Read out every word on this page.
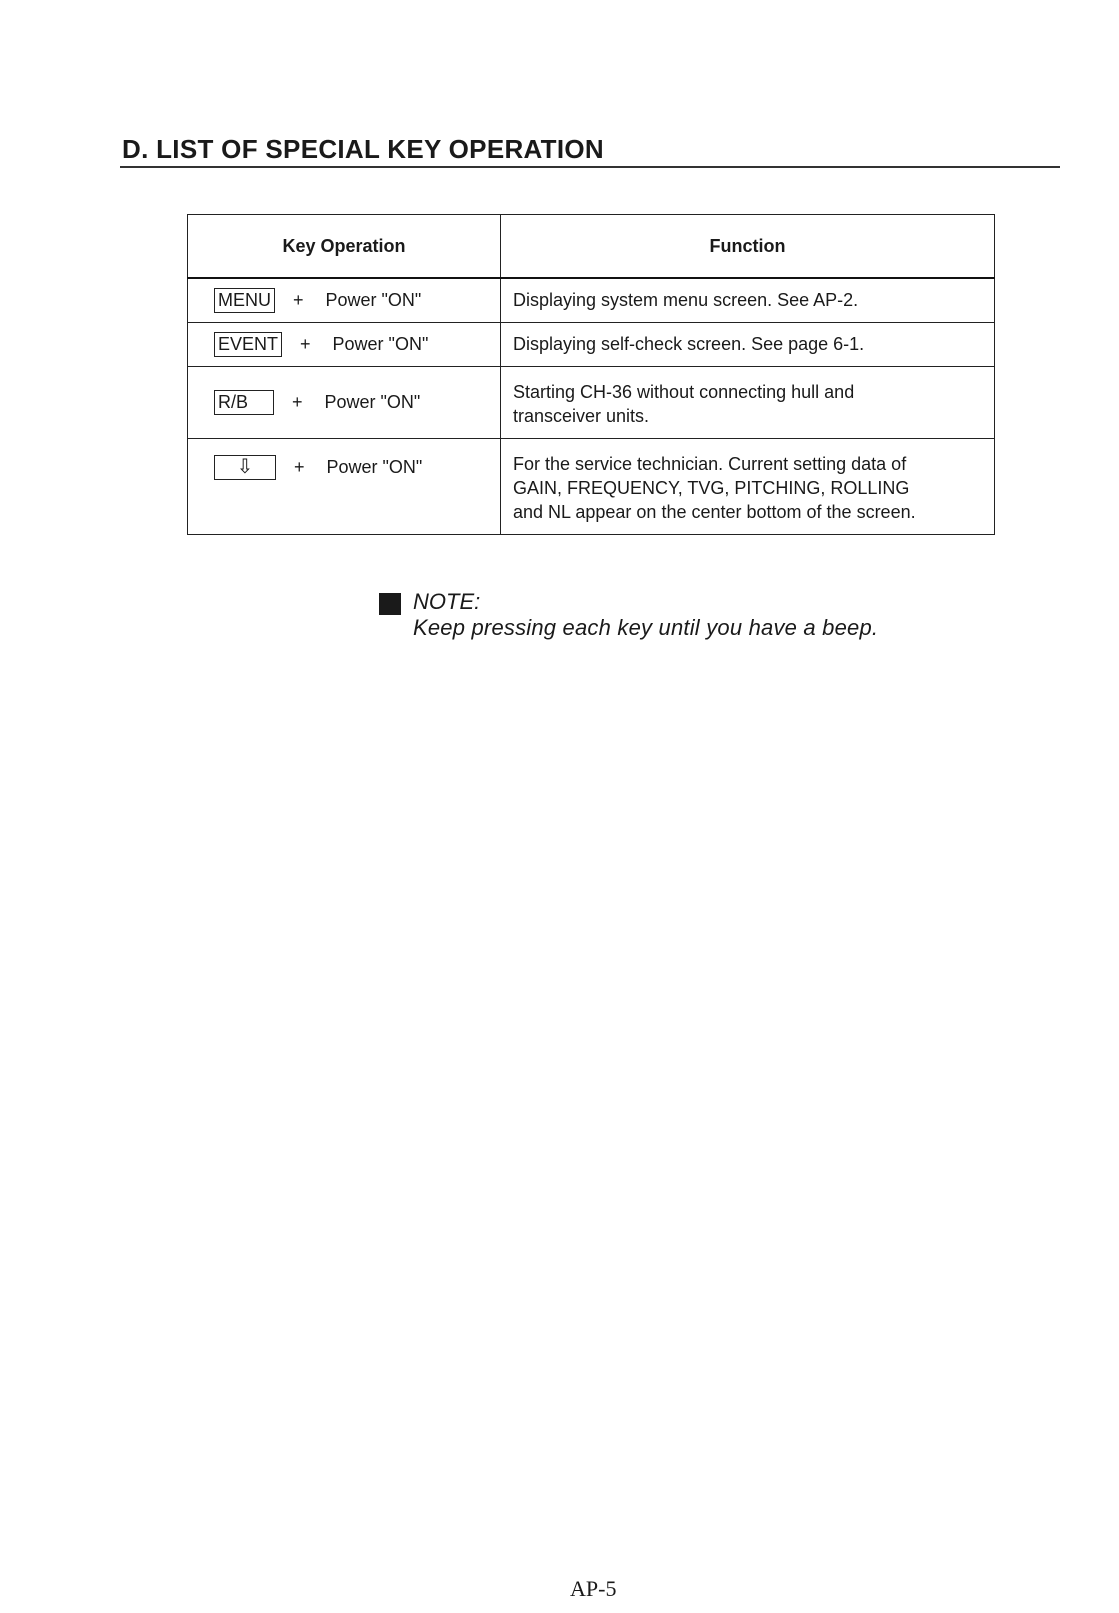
D. LIST OF SPECIAL KEY OPERATION
Key Operation	Function
MENU + Power "ON"	Displaying system menu screen. See AP-2.

EVENT + Power "ON"	Displaying self-check screen. See page 6-1.

R/B + Power "ON"	Starting CH-36 without connecting hull and
transceiver units.

⇩ + Power "ON"	For the service technician. Current setting data of
GAIN, FREQUENCY, TVG, PITCHING, ROLLING
and NL appear on the center bottom of the screen.
NOTE:
Keep pressing each key until you have a beep.
AP-5
